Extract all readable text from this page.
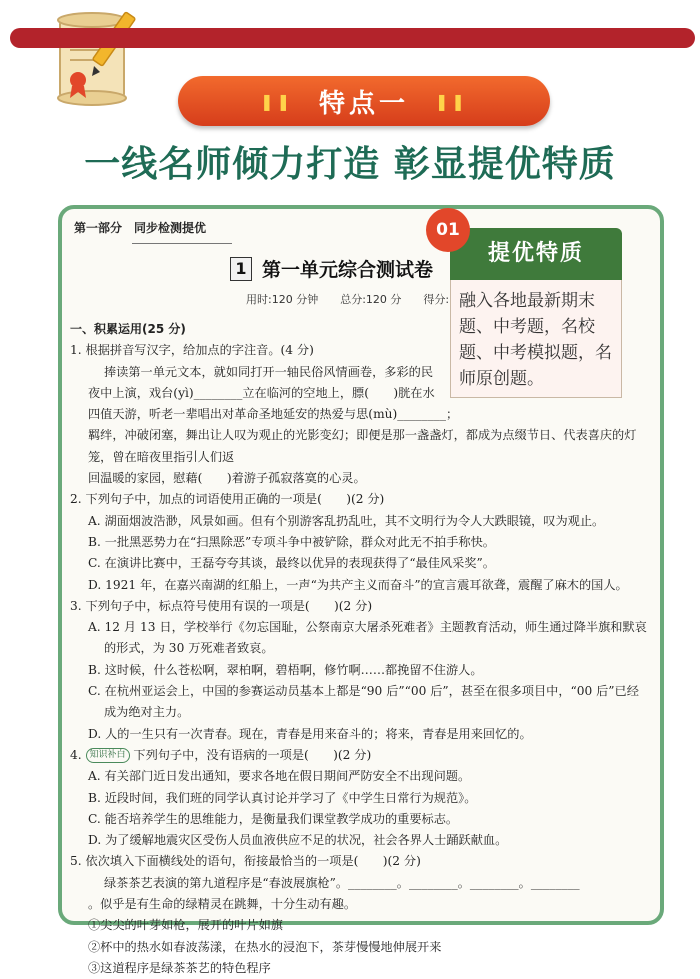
❚❚ 特点一 ❚❚
一线名师倾力打造 彰显提优特质
第一部分　同步检测提优
1 第一单元综合测试卷
用时:120 分钟　　总分:120 分　　得分:

一、积累运用(25 分)

1. 根据拼音写汉字，给加点的字注音。(4 分)

捧读第一单元文本，就如同打开一轴民俗风情画卷，多彩的民

夜中上演，戏台(yì)________立在临河的空地上，膘(　　)胱在水

四值天游，听老一辈唱出对革命圣地延安的热爱与思(mù)________；

羁绊，冲破闭塞，舞出让人叹为观止的光影变幻；即便是那一盏盏灯，都成为点缀节日、代表喜庆的灯笼，曾在暗夜里指引人们返

回温暖的家园，慰藉(　　)着游子孤寂落寞的心灵。

2. 下列句子中，加点的词语使用正确的一项是(　　)(2 分)

A. 湖面烟波浩渺，风景如画。但有个别游客乱扔乱吐，其不文明行为令人大跌眼镜，叹为观止。

B. 一批黑恶势力在“扫黑除恶”专项斗争中被铲除，群众对此无不拍手称快。

C. 在演讲比赛中，王磊夸夸其谈，最终以优异的表现获得了“最佳风采奖”。

D. 1921 年，在嘉兴南湖的红船上，一声“为共产主义而奋斗”的宣言震耳欲聋，震醒了麻木的国人。

3. 下列句子中，标点符号使用有误的一项是(　　)(2 分)

A. 12 月 13 日，学校举行《勿忘国耻，公祭南京大屠杀死难者》主题教育活动，师生通过降半旗和默哀

的形式，为 30 万死难者致哀。

B. 这时候，什么苍松啊，翠柏啊，碧梧啊，修竹啊……都挽留不住游人。

C. 在杭州亚运会上，中国的参赛运动员基本上都是“90 后”“00 后”，甚至在很多项目中，“00 后”已经

成为绝对主力。

D. 人的一生只有一次青春。现在，青春是用来奋斗的；将来，青春是用来回忆的。

4. 知识补白 下列句子中，没有语病的一项是(　　)(2 分)

A. 有关部门近日发出通知，要求各地在假日期间严防安全不出现问题。

B. 近段时间，我们班的同学认真讨论并学习了《中学生日常行为规范》。

C. 能否培养学生的思维能力，是衡量我们课堂教学成功的重要标志。

D. 为了缓解地震灾区受伤人员血液供应不足的状况，社会各界人士踊跃献血。

5. 依次填入下面横线处的语句，衔接最恰当的一项是(　　)(2 分)

绿茶茶艺表演的第九道程序是“春波展旗枪”。________。________。________。________

。似乎是有生命的绿精灵在跳舞，十分生动有趣。

①尖尖的叶芽如枪，展开的叶片如旗

②杯中的热水如春波荡漾，在热水的浸泡下，茶芽慢慢地伸展开来

③这道程序是绿茶茶艺的特色程序

01
提优特质
融入各地最新期末题、中考题，名校题、中考模拟题，名师原创题。
